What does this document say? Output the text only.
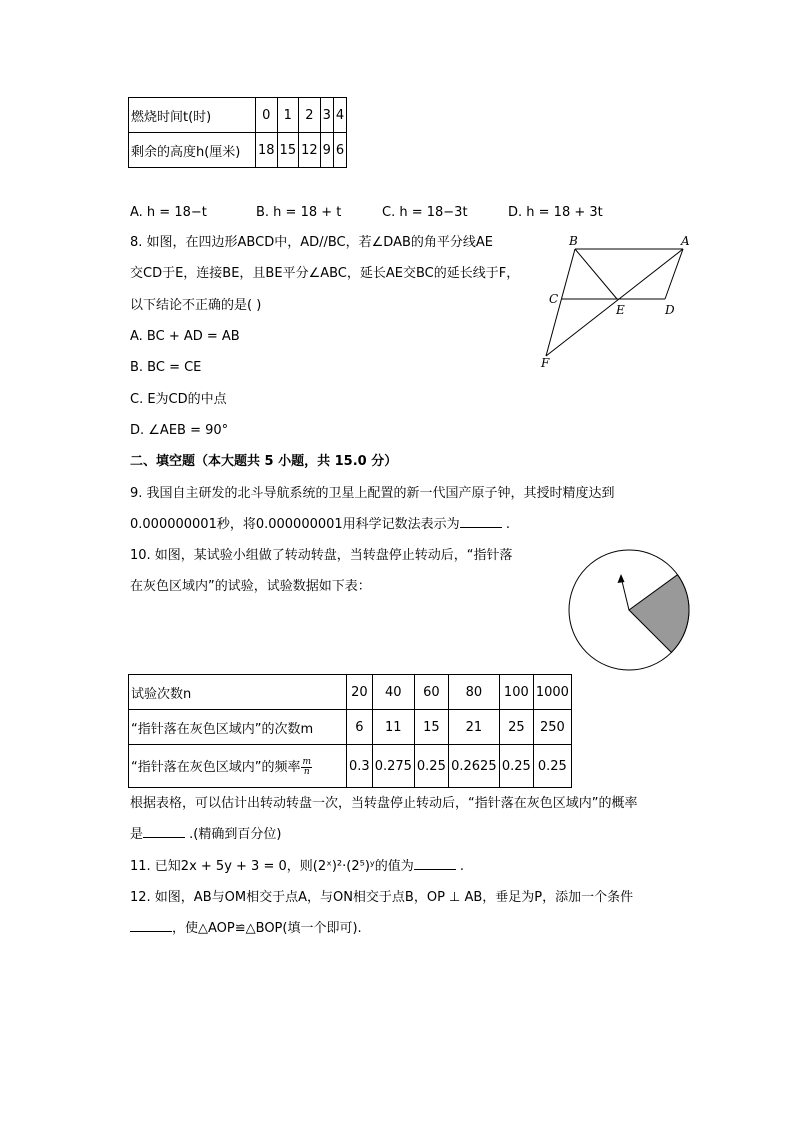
燃烧时间t(时)	0	1	2	3	4
剩余的高度h(厘米)	18	15	12	9	6
A. h = 18−t	B. h = 18 + t	C. h = 18−3t	D. h = 18 + 3t
8. 如图，在四边形ABCD中，AD//BC，若∠DAB的角平分线AE
交CD于E，连接BE，且BE平分∠ABC，延长AE交BC的延长线于F，
以下结论不正确的是( )
A. BC + AD = AB
B. BC = CE
C. E为CD的中点
D. ∠AEB = 90°
B	A
C
E	D
F
二、填空题（本大题共 5 小题，共 15.0 分）
9. 我国自主研发的北斗导航系统的卫星上配置的新一代国产原子钟，其授时精度达到
0.000000001秒，将0.000000001用科学记数法表示为	.
10. 如图，某试验小组做了转动转盘，当转盘停止转动后，“指针落
在灰色区域内”的试验，试验数据如下表：
试验次数n	20	40	60	80	100	1000
“指针落在灰色区域内”的次数m	6	11	15	21	25	250
“指针落在灰色区域内”的频率 $\frac{m}{n}$	0.3	0.275	0.25	0.2625	0.25	0.25
根据表格，可以估计出转动转盘一次，当转盘停止转动后，“指针落在灰色区域内”的概率
是	.(精确到百分位)
11. 已知2x + 5y + 3 = 0，则(2ˣ)²·(2⁵)ʸ的值为	.
12. 如图，AB与OM相交于点A，与ON相交于点B，OP ⊥ AB，垂足为P，添加一个条件
，使△AOP≌△BOP(填一个即可).
